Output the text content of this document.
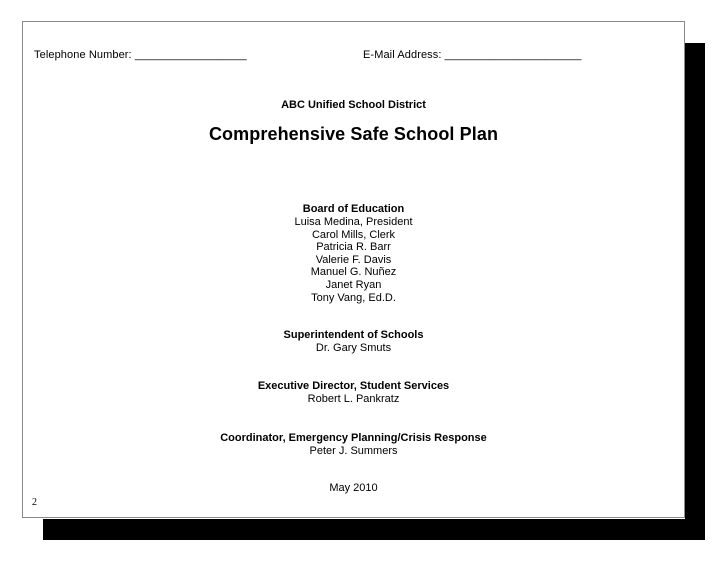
Telephone Number: __________________	E-Mail Address: ______________________
ABC Unified School District
Comprehensive Safe School Plan
Board of Education
Luisa Medina, President
Carol Mills, Clerk
Patricia R. Barr
Valerie F. Davis
Manuel G. Nuñez
Janet Ryan
Tony Vang, Ed.D.
Superintendent of Schools
Dr. Gary Smuts
Executive Director, Student Services
Robert L. Pankratz
Coordinator, Emergency Planning/Crisis Response
Peter J. Summers
May 2010
2
